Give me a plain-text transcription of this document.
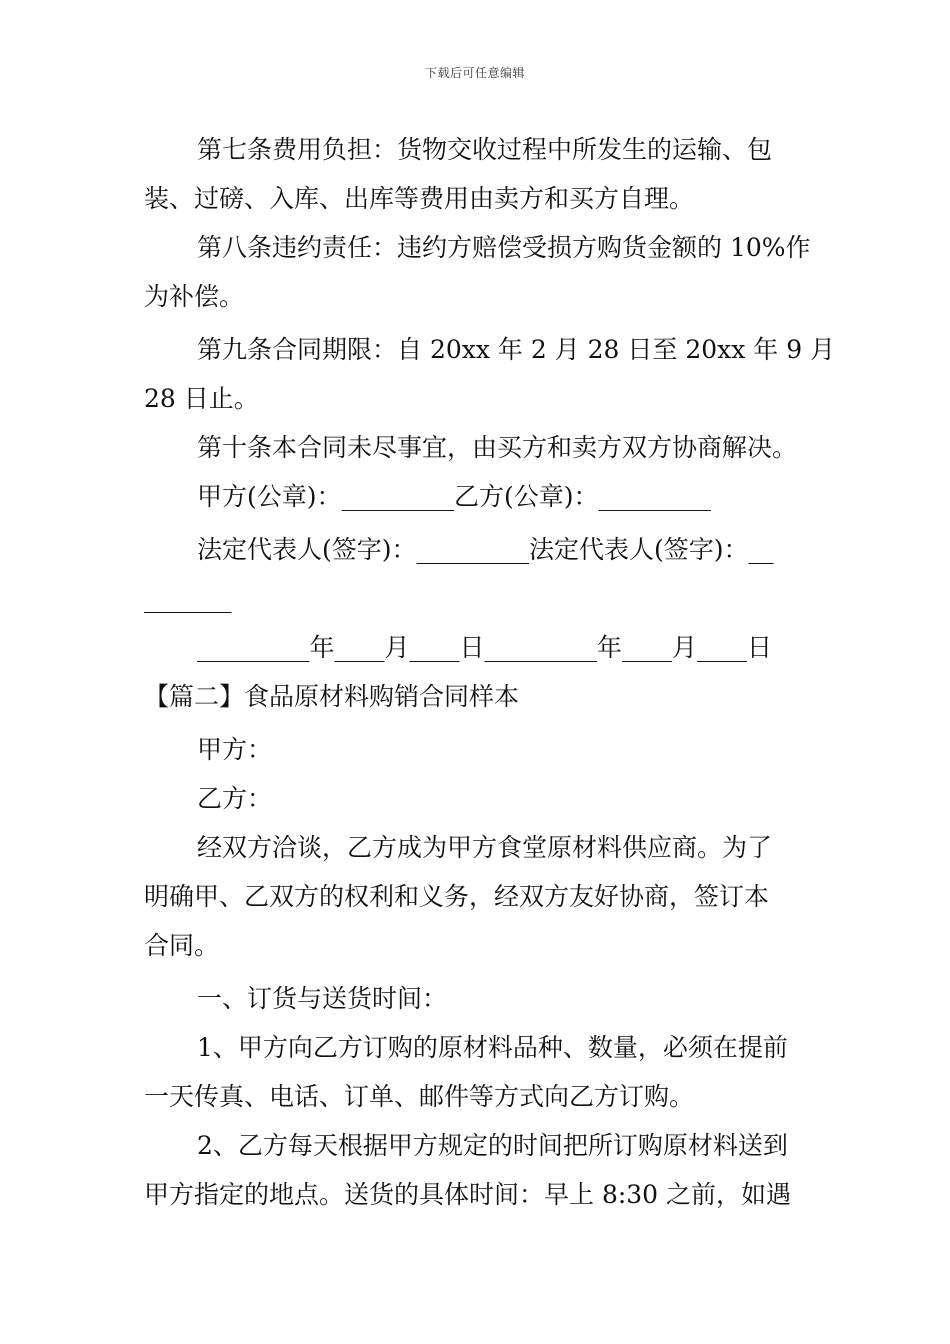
下载后可任意编辑
第七条费用负担：货物交收过程中所发生的运输、包
装、过磅、入库、出库等费用由卖方和买方自理。
第八条违约责任：违约方赔偿受损方购货金额的 10%作
为补偿。
第九条合同期限：自 20xx 年 2 月 28 日至 20xx 年 9 月
28 日止。
第十条本合同未尽事宜，由买方和卖方双方协商解决。
甲方(公章)：_________乙方(公章)：_________
法定代表人(签字)：_________法定代表人(签字)：__
_______
_________年____月____日_________年____月____日
【篇二】食品原材料购销合同样本
甲方：
乙方：
经双方洽谈，乙方成为甲方食堂原材料供应商。为了
明确甲、乙双方的权利和义务，经双方友好协商，签订本
合同。
一、订货与送货时间：
1、甲方向乙方订购的原材料品种、数量，必须在提前
一天传真、电话、订单、邮件等方式向乙方订购。
2、乙方每天根据甲方规定的时间把所订购原材料送到
甲方指定的地点。送货的具体时间：早上 8:30 之前，如遇
